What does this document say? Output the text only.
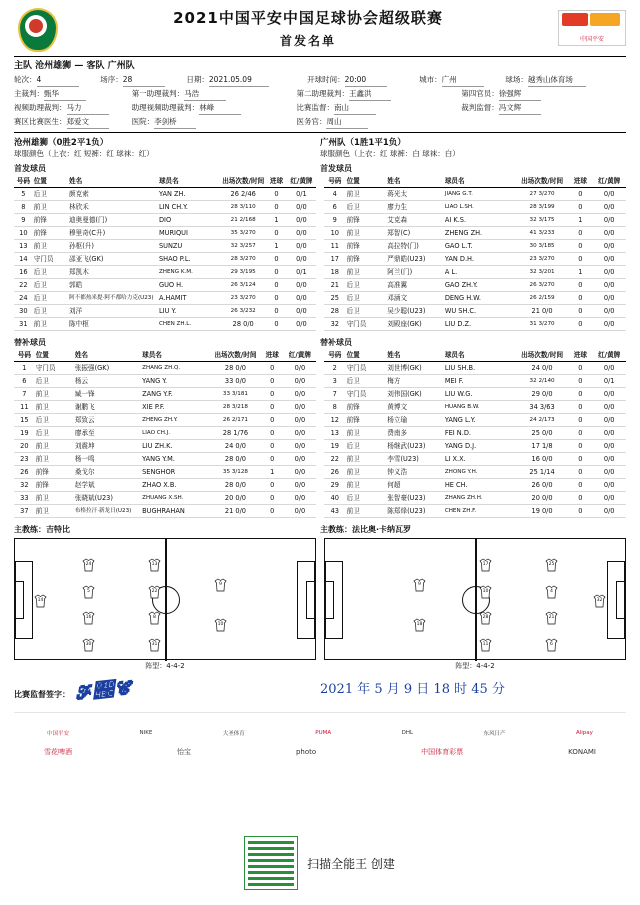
2021中国平安中国足球协会超级联赛
首发名单	中国平安
主队 沧州雄狮 — 客队 广州队
轮次：4	场序：28	日期：2021.05.09	开球时间：20:00	城市：广州	球场：越秀山体育场
主裁判：甄华	第一助理裁判：马浩	第二助理裁判：王鑫洪	第四官员：徐强辉
视频助理裁判：马力	助理视频助理裁判：林峰	比赛监督：南山	裁判监督：冯文辉
赛区比赛医生：郑爱文	医院：李剑桥	医务官：周山
沧州雄狮（0胜2平1负）	广州队（1胜1平1负）
球服颜色（上衣：红 短裤：红 球袜：红）	球服颜色（上衣：红 球裤：白 球袜：白）
首发球员	首发球员
号码	位置	姓名	球员名	出场次数/时间	进球	红/黄牌
5	后卫	颜克索	YAN ZH.	26 2/46	0	0/1
8	前卫	林欣禾	LIN CH.Y.	28 3/110	0	0/0
9	前锋	迪奥曼德(门)	DIO	21 2/168	1	0/0
10	前锋	穆里奇(C升)	MURIQUI	35 3/270	0	0/0
13	前卫	孙枢(升)	SUNZU	32 3/257	1	0/0
14	守门员	邵亚飞(GK)	SHAO P.L.	28 3/270	0	0/0
16	后卫	郑凯木	ZHENG K.M.	29 3/195	0	0/1
22	后卫	郭皓	GUO H.	26 3/124	0	0/0
24	后卫	阿不都热米提·阿不都哈力克(U23)	A.HAMIT	23 3/270	0	0/0
30	后卫	刘洋	LIU Y.	26 3/232	0	0/0
31	前卫	陈中枢	CHEN ZH.L.	28 0/0	0	0/0
号码	位置	姓名	球员名	出场次数/时间	进球	红/黄牌
4	前卫	蒋光太	JIANG G.T.	27 3/270	0	0/0
6	后卫	廖力生	LIAO L.SH.	28 3/199	0	0/0
9	前锋	艾克森	AI K.S.	32 3/175	1	0/0
10	前卫	郑智(C)	ZHENG ZH.	41 3/233	0	0/0
11	前锋	高拉特(门)	GAO L.T.	30 3/185	0	0/0
17	前锋	严鼎皓(U23)	YAN D.H.	23 3/270	0	0/0
18	前卫	阿兰(门)	A L.	32 3/201	1	0/0
21	后卫	高准翼	GAO ZH.Y.	26 3/270	0	0/0
25	后卫	邓涵文	DENG H.W.	26 2/159	0	0/0
28	后卫	吴少聪(U23)	WU SH.C.	21 0/0	0	0/0
32	守门员	刘殿座(GK)	LIU D.Z.	31 3/270	0	0/0
替补球员	替补球员
号码	位置	姓名	球员名	出场次数/时间	进球	红/黄牌
1	守门员	张振强(GK)	ZHANG ZH.Q.	28 0/0	0	0/0
6	后卫	杨云	YANG Y.	33 0/0	0	0/0
7	前卫	臧一锋	ZANG Y.F.	33 3/181	0	0/0
11	前卫	谢鹏飞	XIE P.F.	28 3/218	0	0/0
15	后卫	郑致云	ZHENG ZH.Y.	26 2/171	0	0/0
19	后卫	廖承至	LIAO CH.J.	28 1/76	0	0/0
20	前卫	刘震坤	LIU ZH.K.	24 0/0	0	0/0
23	前卫	杨一鸣	YANG Y.M.	28 0/0	0	0/0
26	前锋	桑戈尔	SENGHOR	35 3/128	1	0/0
32	前锋	赵学斌	ZHAO X.B.	28 0/0	0	0/0
33	前卫	张晓斌(U23)	ZHUANG X.SH.	20 0/0	0	0/0
37	前卫	布格拉汗·新龙日(U23)	BUGHRAHAN	21 0/0	0	0/0
号码	位置	姓名	球员名	出场次数/时间	进球	红/黄牌
2	守门员	刘世博(GK)	LIU SH.B.	24 0/0	0	0/0
3	后卫	梅方	MEI F.	32 2/140	0	0/1
7	守门员	刘伟国(GK)	LIU W.G.	29 0/0	0	0/0
8	前锋	黄博文	HUANG B.W.	34 3/63	0	0/0
12	前锋	杨立瑜	YANG L.Y.	24 2/173	0	0/0
13	前卫	费南多	FEI N.D.	25 0/0	0	0/0
19	后卫	杨继武(U23)	YANG D.J.	17 1/8	0	0/0
22	前卫	李雪(U23)	LI X.X.	16 0/0	0	0/0
26	前卫	钟义浩	ZHONG Y.H.	25 1/14	0	0/0
29	前卫	何超	HE CH.	26 0/0	0	0/0
40	后卫	张智豪(U23)	ZHANG ZH.H.	20 0/0	0	0/0
43	前卫	陈郑烽(U23)	CHEN ZH.F.	19 0/0	0	0/0
主教练：吉特比	主教练：法比奥·卡纳瓦罗
阵型：4-4-2
14
24
5
16
30
13
22
8
31
9
10
阵型：4-4-2
32
25
4
21
6
17
10
28
11
9
18
比赛监督签字： 𝓕𝒼𝓒	2021 年 5 月 9 日 18 时 45 分
中国平安	NIKE	大圣体育	PUMA	DHL	东风日产	Alipay
雪花啤酒	怡宝	photo	中国体育彩票	KONAMI
扫描全能王 创建
